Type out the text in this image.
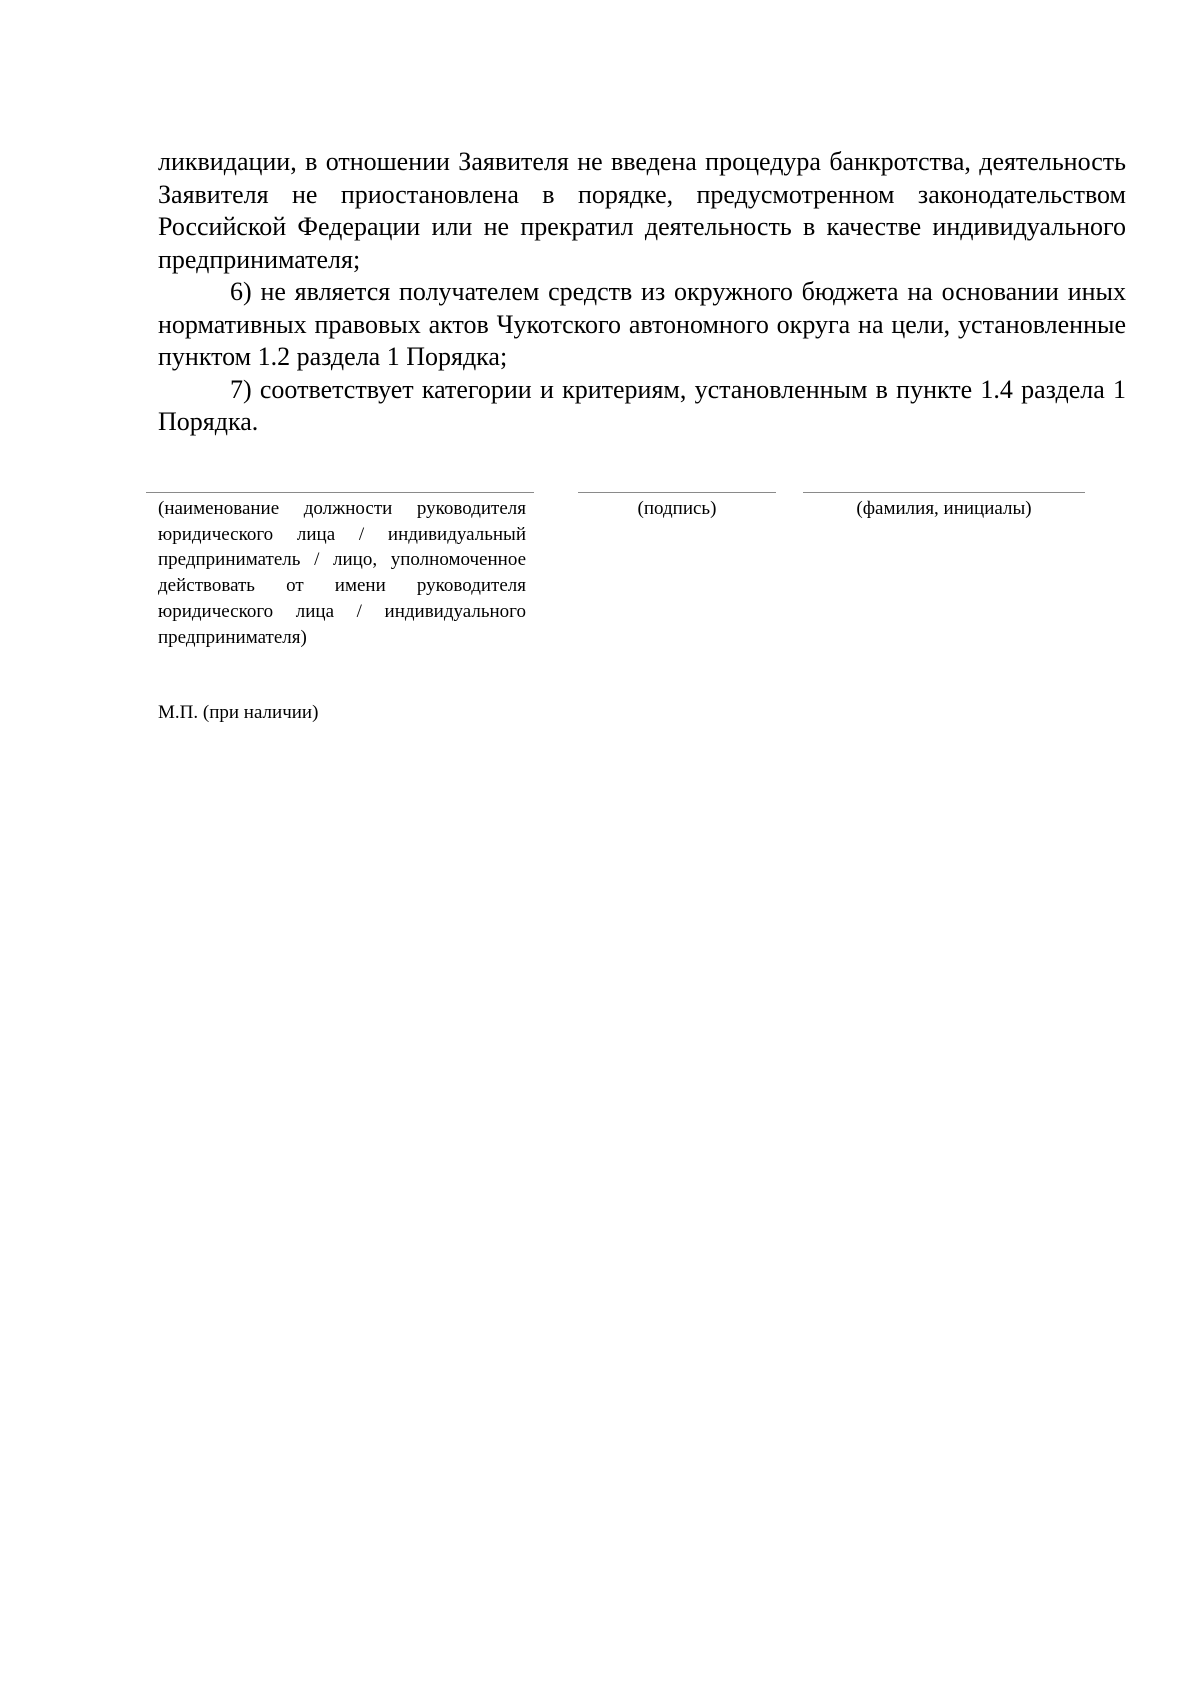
ликвидации, в отношении Заявителя не введена процедура банкротства, деятельность Заявителя не приостановлена в порядке, предусмотренном законодательством Российской Федерации или не прекратил деятельность в качестве индивидуального предпринимателя;

6) не является получателем средств из окружного бюджета на основании иных нормативных правовых актов Чукотского автономного округа на цели, установленные пунктом 1.2 раздела 1 Порядка;

7) соответствует категории и критериям, установленным в пункте 1.4 раздела 1 Порядка.

(наименование должности руководителя юридического лица / индивидуальный предприниматель / лицо, уполномоченное действовать от имени руководителя юридического лица / индивидуального предпринимателя)
(подпись)	(фамилия, инициалы)
М.П. (при наличии)
